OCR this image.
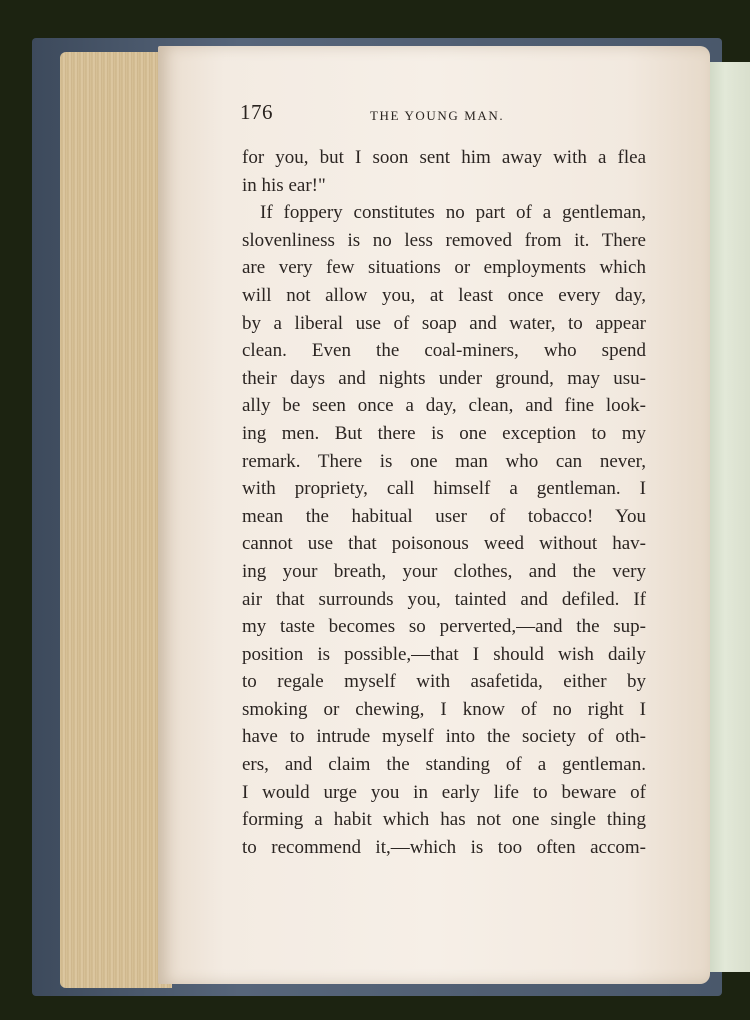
176	THE YOUNG MAN.
for you, but I soon sent him away with a flea
in his ear!"
If foppery constitutes no part of a gentleman,
slovenliness is no less removed from it. There
are very few situations or employments which
will not allow you, at least once every day,
by a liberal use of soap and water, to appear
clean. Even the coal-miners, who spend
their days and nights under ground, may usu-
ally be seen once a day, clean, and fine look-
ing men. But there is one exception to my
remark. There is one man who can never,
with propriety, call himself a gentleman. I
mean the habitual user of tobacco! You
cannot use that poisonous weed without hav-
ing your breath, your clothes, and the very
air that surrounds you, tainted and defiled. If
my taste becomes so perverted,—and the sup-
position is possible,—that I should wish daily
to regale myself with asafetida, either by
smoking or chewing, I know of no right I
have to intrude myself into the society of oth-
ers, and claim the standing of a gentleman.
I would urge you in early life to beware of
forming a habit which has not one single thing
to recommend it,—which is too often accom-
